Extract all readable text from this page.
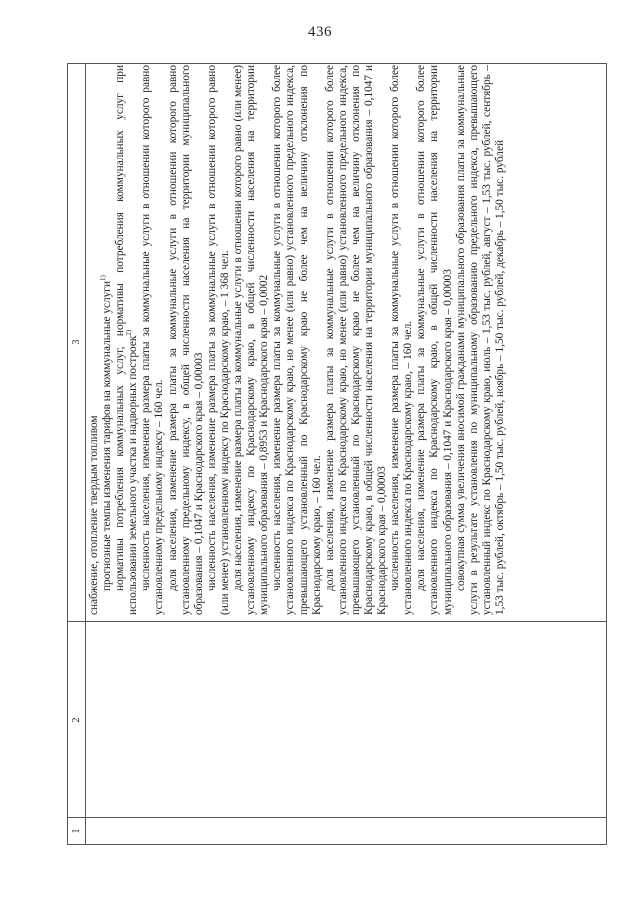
436
1
2
3

снабжение, отопление твердым топливом прогнозные темпы изменения тарифов на коммунальные услуги$^{1)}$ нормативы потребления коммунальных услуг, нормативы потребления коммунальных услуг при использовании земельного участка и надворных построек$^{2)}$ численность населения, изменение размера платы за коммунальные услуги в отношении которого равно установленному предельному индексу – 160 чел. доля населения, изменение размера платы за коммунальные услуги в отношении которого равно установленному предельному индексу, в общей численности населения на территории муниципального образования – 0,1047 и Краснодарского края – 0,00003 численность населения, изменение размера платы за коммунальные услуги в отношении которого равно (или менее) установленному индексу по Краснодарскому краю, – 1 368 чел. доля населения, изменение размера платы за коммунальные услуги в отношении которого равно (или менее) установленному индексу по Краснодарскому краю, в общей численности населения на территории муниципального образования – 0,8953 и Краснодарского края – 0,0002 численность населения, изменение размера платы за коммунальные услуги в отношении которого более установленного индекса по Краснодарскому краю, но менее (или равно) установленного предельного индекса, превышающего установленный по Краснодарскому краю не более чем на величину отклонения по Краснодарскому краю, – 160 чел. доля населения, изменение размера платы за коммунальные услуги в отношении которого более установленного индекса по Краснодарскому краю, но менее (или равно) установленного предельного индекса, превышающего установленный по Краснодарскому краю не более чем на величину отклонения по Краснодарскому краю, в общей численности населения на территории муниципального образования – 0,1047 и Краснодарского края – 0,00003 численность населения, изменение размера платы за коммунальные услуги в отношении которого более установленного индекса по Краснодарскому краю, – 160 чел. доля населения, изменение размера платы за коммунальные услуги в отношении которого более установленного индекса по Краснодарскому краю, в общей численности населения на территории муниципального образования – 0,1047 и Краснодарского края – 0,00003 совокупная сумма увеличения вносимой гражданами муниципального образования платы за коммунальные услуги в результате установления по муниципальному образованию предельного индекса, превышающего установленный индекс по Краснодарскому краю, июль – 1,53 тыс. рублей, август – 1,53 тыс. рублей, сентябрь – 1,53 тыс. рублей, октябрь – 1,50 тыс. рублей, ноябрь – 1,50 тыс. рублей, декабрь – 1,50 тыс. рублей
